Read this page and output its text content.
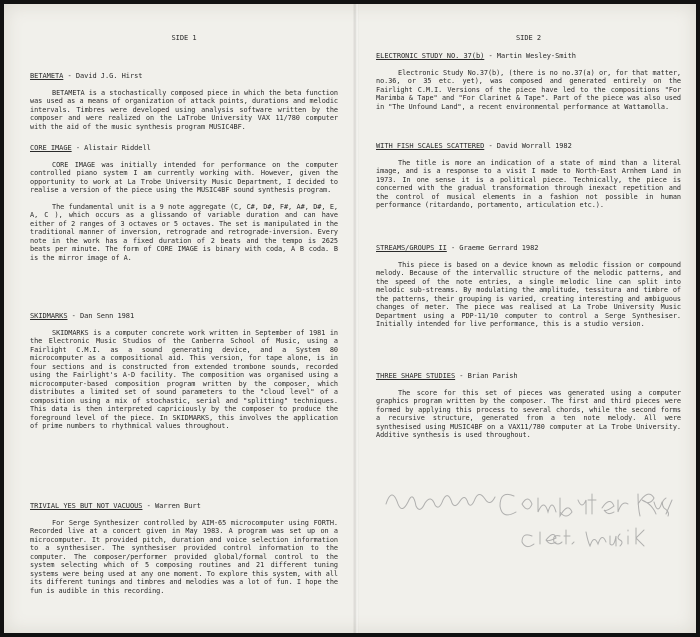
SIDE 1
BETAMETA - David J.G. Hirst

BETAMETA is a stochastically composed piece in which the beta function was used as a means of organization of attack points, durations and melodic intervals. Timbres were developed using analysis software written by the composer and were realized on the LaTrobe University VAX 11/780 computer with the aid of the music synthesis program MUSIC4BF.

CORE IMAGE - Alistair Riddell

CORE IMAGE was initially intended for performance on the computer controlled piano system I am currently working with. However, given the opportunity to work at La Trobe University Music Department, I decided to realise a version of the piece using the MUSIC4BF sound synthesis program.

The fundamental unit is a 9 note aggregate (C, C#, D#, F#, A#, D#, E, A, C ), which occurs as a glissando of variable duration and can have either of 2 ranges of 3 octaves or 5 octaves. The set is manipulated in the traditional manner of inversion, retrograde and retrograde-inversion. Every note in the work has a fixed duration of 2 beats and the tempo is 2625 beats per minute. The form of CORE IMAGE is binary with coda, A B coda. B is the mirror image of A.

SKIDMARKS - Dan Senn 1981

SKIDMARKS is a computer concrete work written in September of 1981 in the Electronic Music Studios of the Canberra School of Music, using a Fairlight C.M.I. as a sound generating device, and a System 80 microcomputer as a compositional aid. This version, for tape alone, is in four sections and is constructed from extended trombone sounds, recorded using the Fairlight's A-D facility. The composition was organised using a microcomputer-based composition program written by the composer, which distributes a limited set of sound parameters to the "cloud level" of a composition using a mix of stochastic, serial and "splitting" techniques. This data is then interpreted capriciously by the composer to produce the foreground level of the piece. In SKIDMARKS, this involves the application of prime numbers to rhythmical values throughout.

TRIVIAL YES BUT NOT VACUOUS - Warren Burt

For Serge Synthesizer controlled by AIM-65 microcomputer using FORTH. Recorded live at a concert given in May 1983. A program was set up on a microcomputer. It provided pitch, duration and voice selection information to a synthesiser. The synthesiser provided control information to the computer. The composer/performer provided global/formal control to the system selecting which of 5 composing routines and 21 different tuning systems were being used at any one moment. To explore this system, with all its different tunings and timbres and melodies was a lot of fun. I hope the fun is audible in this recording.

SIDE 2
ELECTRONIC STUDY NO. 37(b) - Martin Wesley-Smith

Electronic Study No.37(b), (there is no no.37(a) or, for that matter, no.36, or 35 etc. yet), was composed and generated entirely on the Fairlight C.M.I. Versions of the piece have led to the compositions "For Marimba & Tape" and "For Clarinet & Tape". Part of the piece was also used in "The Unfound Land", a recent environmental performance at Wattamolla.

WITH FISH SCALES SCATTERED - David Worrall 1982

The title is more an indication of a state of mind than a literal image, and is a response to a visit I made to North-East Arnhem Land in 1973. In one sense it is a political piece. Technically, the piece is concerned with the gradual transformation through inexact repetition and the control of musical elements in a fashion not possible in human performance (ritardando, portamento, articulation etc.).

STREAMS/GROUPS II - Graeme Gerrard 1982

This piece is based on a device known as melodic fission or compound melody. Because of the intervallic structure of the melodic patterns, and the speed of the note entries, a single melodic line can split into melodic sub-streams. By modulating the amplitude, tessitura and timbre of the patterns, their grouping is varied, creating interesting and ambiguous changes of meter. The piece was realised at La Trobe University Music Department using a PDP-11/10 computer to control a Serge Synthesiser. Initially intended for live performance, this is a studio version.

THREE SHAPE STUDIES - Brian Parish

The score for this set of pieces was generated using a computer graphics program written by the composer. The first and third pieces were formed by applying this process to several chords, while the second forms a recursive structure, generated from a ten note melody. All were synthesised using MUSIC4BF on a VAX11/780 computer at La Trobe University. Additive synthesis is used throughout.
